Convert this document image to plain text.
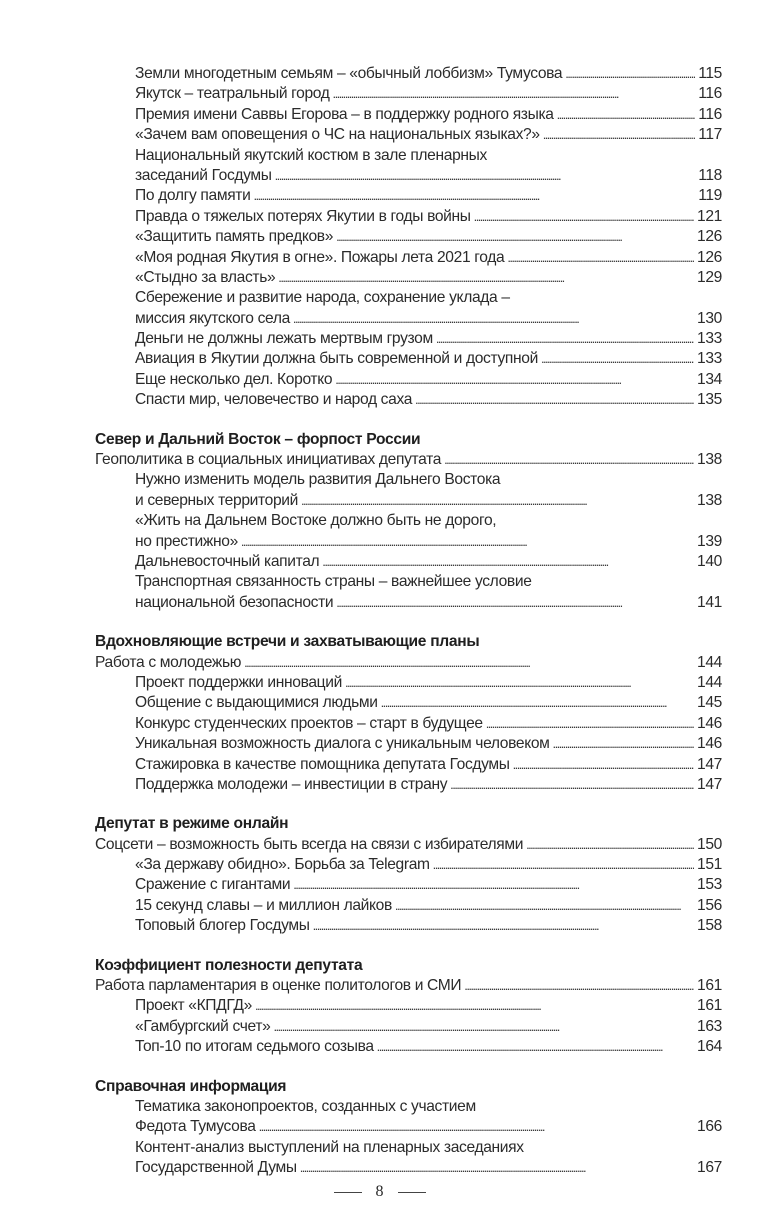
Земли многодетным семьям – «обычный лоббизм» Тумусова . . .	115
Якутск – театральный город . . .	116
Премия имени Саввы Егорова – в поддержку родного языка . . .	116
«Зачем вам оповещения о ЧС на национальных языках?» . . .	117
Национальный якутский костюм в зале пленарных
заседаний Госдумы . . .	118
По долгу памяти . . .	119
Правда о тяжелых потерях Якутии в годы войны . . .	121
«Защитить память предков» . . .	126
«Моя родная Якутия в огне». Пожары лета 2021 года . . .	126
«Стыдно за власть» . . .	129
Сбережение и развитие народа, сохранение уклада –
миссия якутского села . . .	130
Деньги не должны лежать мертвым грузом . . .	133
Авиация в Якутии должна быть современной и доступной . . .	133
Еще несколько дел. Коротко . . .	134
Спасти мир, человечество и народ саха . . .	135
Север и Дальний Восток – форпост России
Геополитика в социальных инициативах депутата . . .	138
Нужно изменить модель развития Дальнего Востока
и северных территорий . . .	138
«Жить на Дальнем Востоке должно быть не дорого,
но престижно» . . .	139
Дальневосточный капитал . . .	140
Транспортная связанность страны – важнейшее условие
национальной безопасности . . .	141
Вдохновляющие встречи и захватывающие планы
Работа с молодежью . . .	144
Проект поддержки инноваций . . .	144
Общение с выдающимися людьми . . .	145
Конкурс студенческих проектов – старт в будущее . . .	146
Уникальная возможность диалога с уникальным человеком . . .	146
Стажировка в качестве помощника депутата Госдумы . . .	147
Поддержка молодежи – инвестиции в страну . . .	147
Депутат в режиме онлайн
Соцсети – возможность быть всегда на связи с избирателями . . .	150
«За державу обидно». Борьба за Telegram . . .	151
Сражение с гигантами . . .	153
15 секунд славы – и миллион лайков . . .	156
Топовый блогер Госдумы . . .	158
Коэффициент полезности депутата
Работа парламентария в оценке политологов и СМИ . . .	161
Проект «КПДГД» . . .	161
«Гамбургский счет» . . .	163
Топ-10 по итогам седьмого созыва . . .	164
Справочная информация
Тематика законопроектов, созданных с участием
Федота Тумусова . . .	166
Контент-анализ выступлений на пленарных заседаниях
Государственной Думы . . .	167
8
